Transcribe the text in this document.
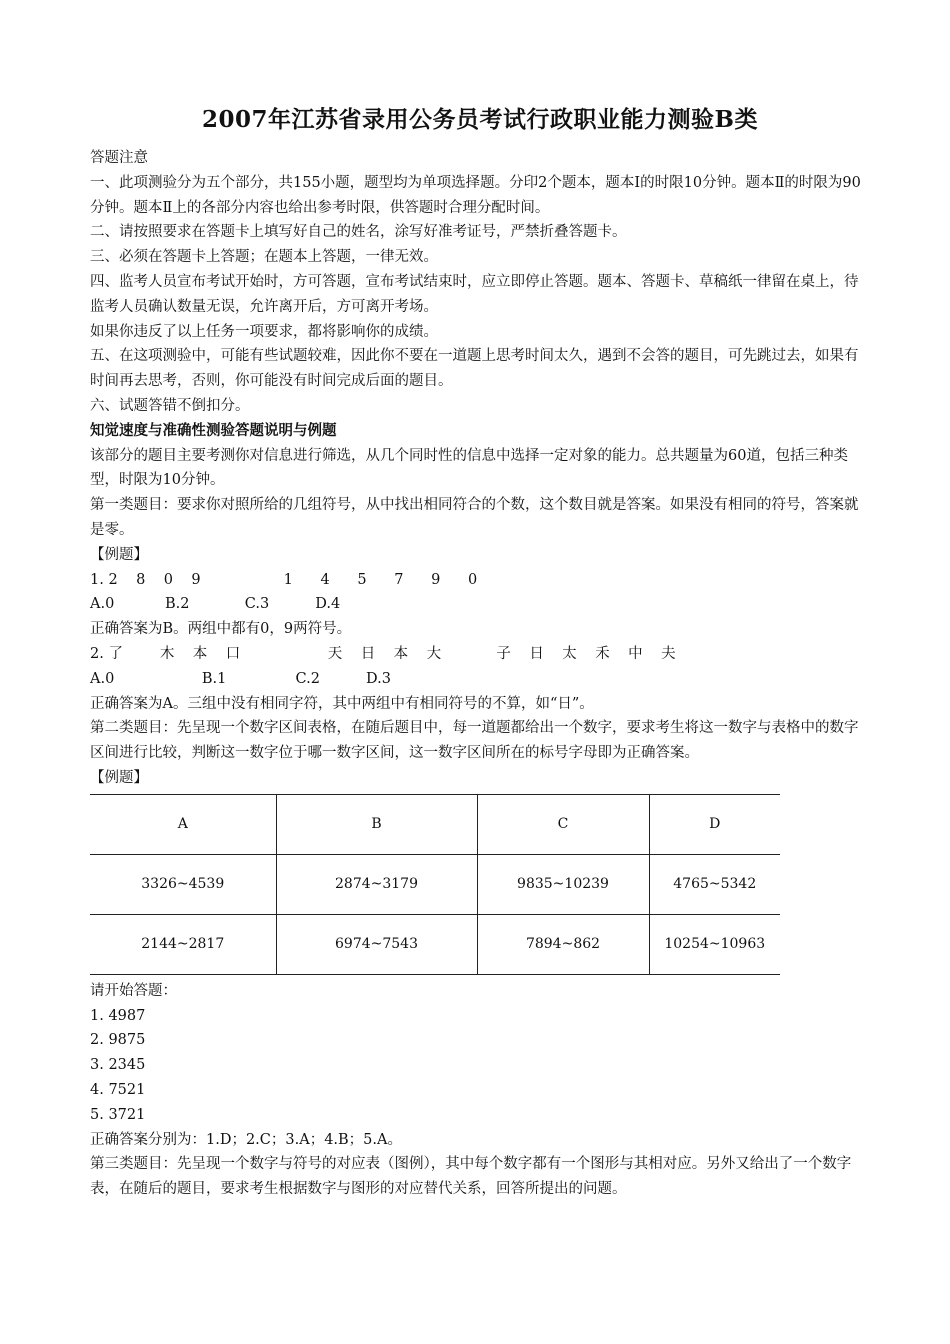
2007年江苏省录用公务员考试行政职业能力测验B类

答题注意

一、此项测验分为五个部分，共155小题，题型均为单项选择题。分印2个题本，题本Ⅰ的时限10分钟。题本Ⅱ的时限为90分钟。题本Ⅱ上的各部分内容也给出参考时限，供答题时合理分配时间。

二、请按照要求在答题卡上填写好自己的姓名，涂写好准考证号，严禁折叠答题卡。

三、必须在答题卡上答题；在题本上答题，一律无效。

四、监考人员宣布考试开始时，方可答题，宣布考试结束时，应立即停止答题。题本、答题卡、草稿纸一律留在桌上，待监考人员确认数量无误，允许离开后，方可离开考场。

如果你违反了以上任务一项要求，都将影响你的成绩。

五、在这项测验中，可能有些试题较难，因此你不要在一道题上思考时间太久，遇到不会答的题目，可先跳过去，如果有时间再去思考，否则，你可能没有时间完成后面的题目。

六、试题答错不倒扣分。

知觉速度与准确性测验答题说明与例题

该部分的题目主要考测你对信息进行筛选，从几个同时性的信息中选择一定对象的能力。总共题量为60道，包括三种类型，时限为10分钟。

第一类题目：要求你对照所给的几组符号，从中找出相同符合的个数，这个数目就是答案。如果没有相同的符号，答案就是零。

【例题】

1. 2    8    0    9                  1      4      5      7      9      0

A.0           B.2            C.3          D.4

正确答案为B。两组中都有0，9两符号。

2. 了        木    本    口                   天    日    本    大            子    日    太    禾    中    夫

A.0                   B.1               C.2          D.3

正确答案为A。三组中没有相同字符，其中两组中有相同符号的不算，如“日”。

第二类题目：先呈现一个数字区间表格，在随后题目中，每一道题都给出一个数字，要求考生将这一数字与表格中的数字区间进行比较，判断这一数字位于哪一数字区间，这一数字区间所在的标号字母即为正确答案。

【例题】

A	B	C	D
3326~4539	2874~3179	9835~10239	4765~5342
2144~2817	6974~7543	7894~862	10254~10963

请开始答题：

1. 4987

2. 9875

3. 2345

4. 7521

5. 3721

正确答案分别为：1.D；2.C；3.A；4.B；5.A。

第三类题目：先呈现一个数字与符号的对应表（图例），其中每个数字都有一个图形与其相对应。另外又给出了一个数字表，在随后的题目，要求考生根据数字与图形的对应替代关系，回答所提出的问题。
